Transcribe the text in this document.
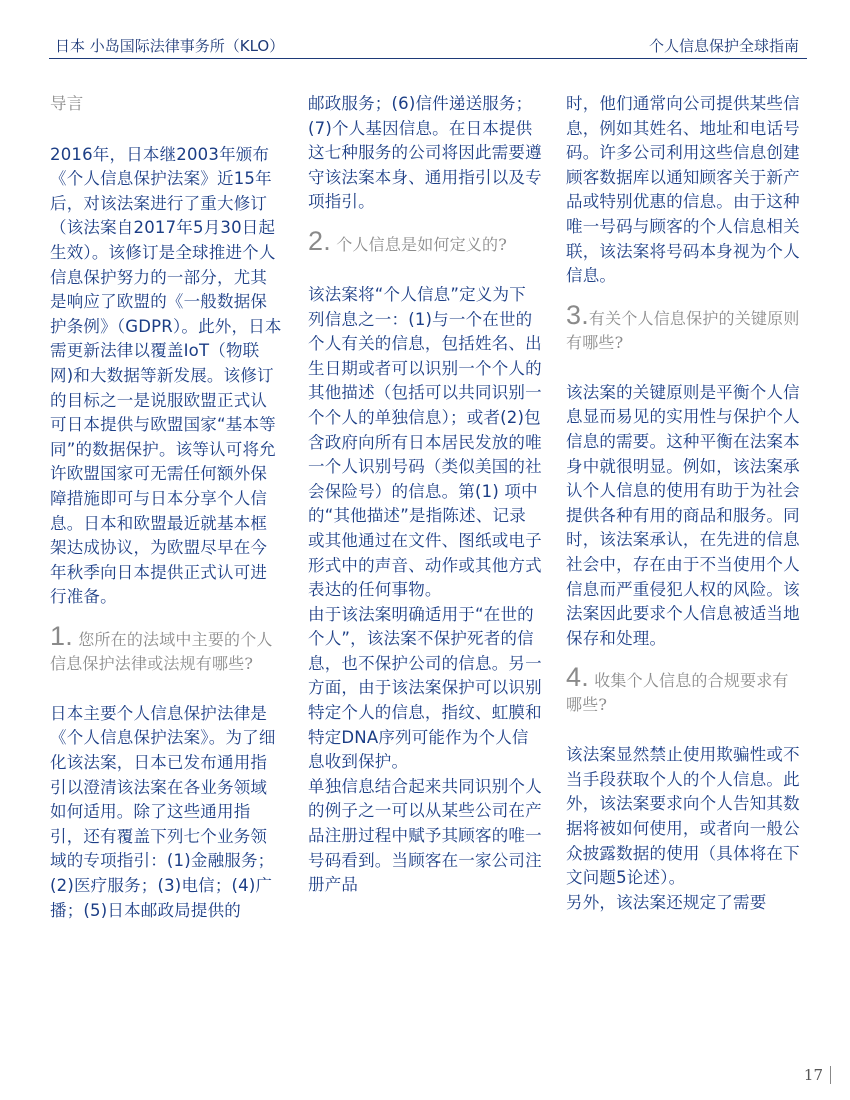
日本 小岛国际法律事务所（KLO）	个人信息保护全球指南

导言

2016年，日本继2003年颁布《个人信息保护法案》近15年后，对该法案进行了重大修订（该法案自2017年5月30日起生效）。该修订是全球推进个人信息保护努力的一部分，尤其是响应了欧盟的《一般数据保护条例》（GDPR）。此外，日本需更新法律以覆盖IoT（物联网)和大数据等新发展。该修订的目标之一是说服欧盟正式认可日本提供与欧盟国家“基本等同”的数据保护。该等认可将允许欧盟国家可无需任何额外保障措施即可与日本分享个人信息。日本和欧盟最近就基本框架达成协议，为欧盟尽早在今年秋季向日本提供正式认可进行准备。

1. 您所在的法域中主要的个人信息保护法律或法规有哪些?

日本主要个人信息保护法律是《个人信息保护法案》。为了细化该法案，日本已发布通用指引以澄清该法案在各业务领域如何适用。除了这些通用指引，还有覆盖下列七个业务领域的专项指引：(1)金融服务；(2)医疗服务；(3)电信；(4)广播；(5)日本邮政局提供的

邮政服务；(6)信件递送服务；(7)个人基因信息。在日本提供这七种服务的公司将因此需要遵守该法案本身、通用指引以及专项指引。

2. 个人信息是如何定义的?

该法案将“个人信息”定义为下列信息之一：(1)与一个在世的个人有关的信息，包括姓名、出生日期或者可以识别一个个人的其他描述（包括可以共同识别一个个人的单独信息）；或者(2)包含政府向所有日本居民发放的唯一个人识别号码（类似美国的社会保险号）的信息。第(1) 项中的“其他描述”是指陈述、记录或其他通过在文件、图纸或电子形式中的声音、动作或其他方式表达的任何事物。

由于该法案明确适用于“在世的个人”，该法案不保护死者的信息，也不保护公司的信息。另一方面，由于该法案保护可以识别特定个人的信息，指纹、虹膜和特定DNA序列可能作为个人信息收到保护。

单独信息结合起来共同识别个人的例子之一可以从某些公司在产品注册过程中赋予其顾客的唯一号码看到。当顾客在一家公司注册产品

时，他们通常向公司提供某些信息，例如其姓名、地址和电话号码。许多公司利用这些信息创建顾客数据库以通知顾客关于新产品或特别优惠的信息。由于这种唯一号码与顾客的个人信息相关联，该法案将号码本身视为个人信息。

3.有关个人信息保护的关键原则有哪些?

该法案的关键原则是平衡个人信息显而易见的实用性与保护个人信息的需要。这种平衡在法案本身中就很明显。例如，该法案承认个人信息的使用有助于为社会提供各种有用的商品和服务。同时，该法案承认，在先进的信息社会中，存在由于不当使用个人信息而严重侵犯人权的风险。该法案因此要求个人信息被适当地保存和处理。

4. 收集个人信息的合规要求有哪些?

该法案显然禁止使用欺骗性或不当手段获取个人的个人信息。此外，该法案要求向个人告知其数据将被如何使用，或者向一般公众披露数据的使用（具体将在下文问题5论述）。

另外，该法案还规定了需要

17
